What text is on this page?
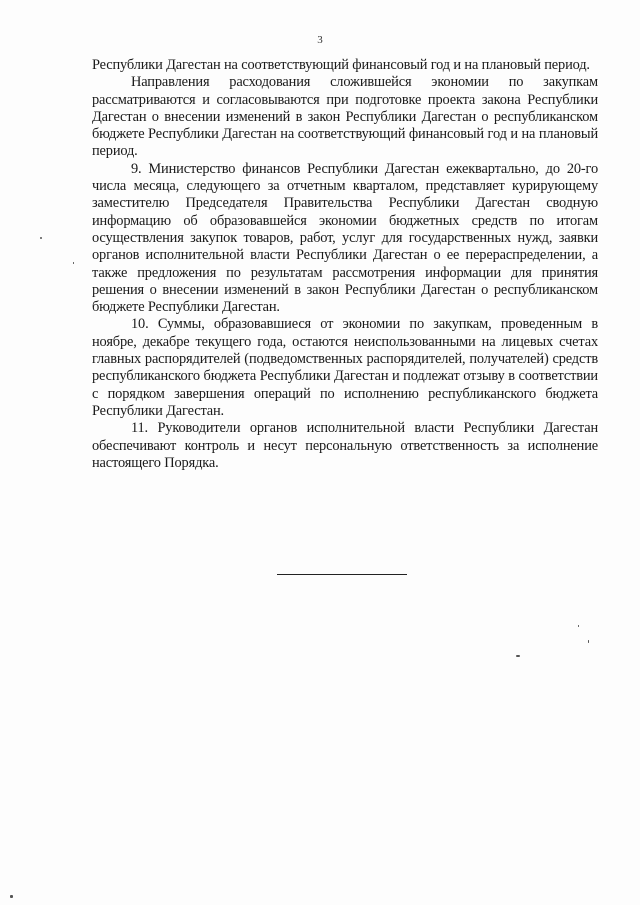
3

Республики Дагестан на соответствующий финансовый год и на плановый период.

Направления расходования сложившейся экономии по закупкам рассматриваются и согласовываются при подготовке проекта закона Республики Дагестан о внесении изменений в закон Республики Дагестан о республиканском бюджете Республики Дагестан на соответствующий финансовый год и на плановый период.

9. Министерство финансов Республики Дагестан ежеквартально, до 20-го числа месяца, следующего за отчетным кварталом, представляет курирующему заместителю Председателя Правительства Республики Дагестан сводную информацию об образовавшейся экономии бюджетных средств по итогам осуществления закупок товаров, работ, услуг для государственных нужд, заявки органов исполнительной власти Республики Дагестан о ее перераспределении, а также предложения по результатам рассмотрения информации для принятия решения о внесении изменений в закон Республики Дагестан о республиканском бюджете Республики Дагестан.

10. Суммы, образовавшиеся от экономии по закупкам, проведенным в ноябре, декабре текущего года, остаются неиспользованными на лицевых счетах главных распорядителей (подведомственных распорядителей, получателей) средств республиканского бюджета Республики Дагестан и подлежат отзыву в соответствии с порядком завершения операций по исполнению республиканского бюджета Республики Дагестан.

11. Руководители органов исполнительной власти Республики Дагестан обеспечивают контроль и несут персональную ответственность за исполнение настоящего Порядка.
